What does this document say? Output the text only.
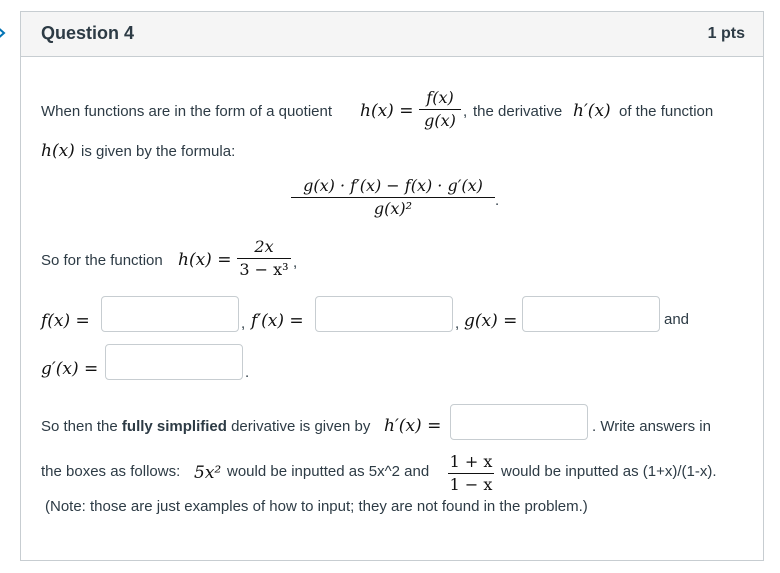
Question 4	1 pts
When functions are in the form of a quotient h(x) =
f(x)
g(x) , the derivative h′(x) of the function
h(x) is given by the formula:
g(x) · f′(x) − f(x) · g′(x)
g(x)²	.
So for the function h(x) =
2x
3 − x³ ,
f(x) =	, f′(x) =	, g(x) =	and
g′(x) =	.
So then the fully simplified derivative is given by h′(x) =	. Write answers in
the boxes as follows: 5x² would be inputted as 5x^2 and
1 + x
1 − x
would be inputted as (1+x)/(1-x).
(Note: those are just examples of how to input; they are not found in the problem.)
